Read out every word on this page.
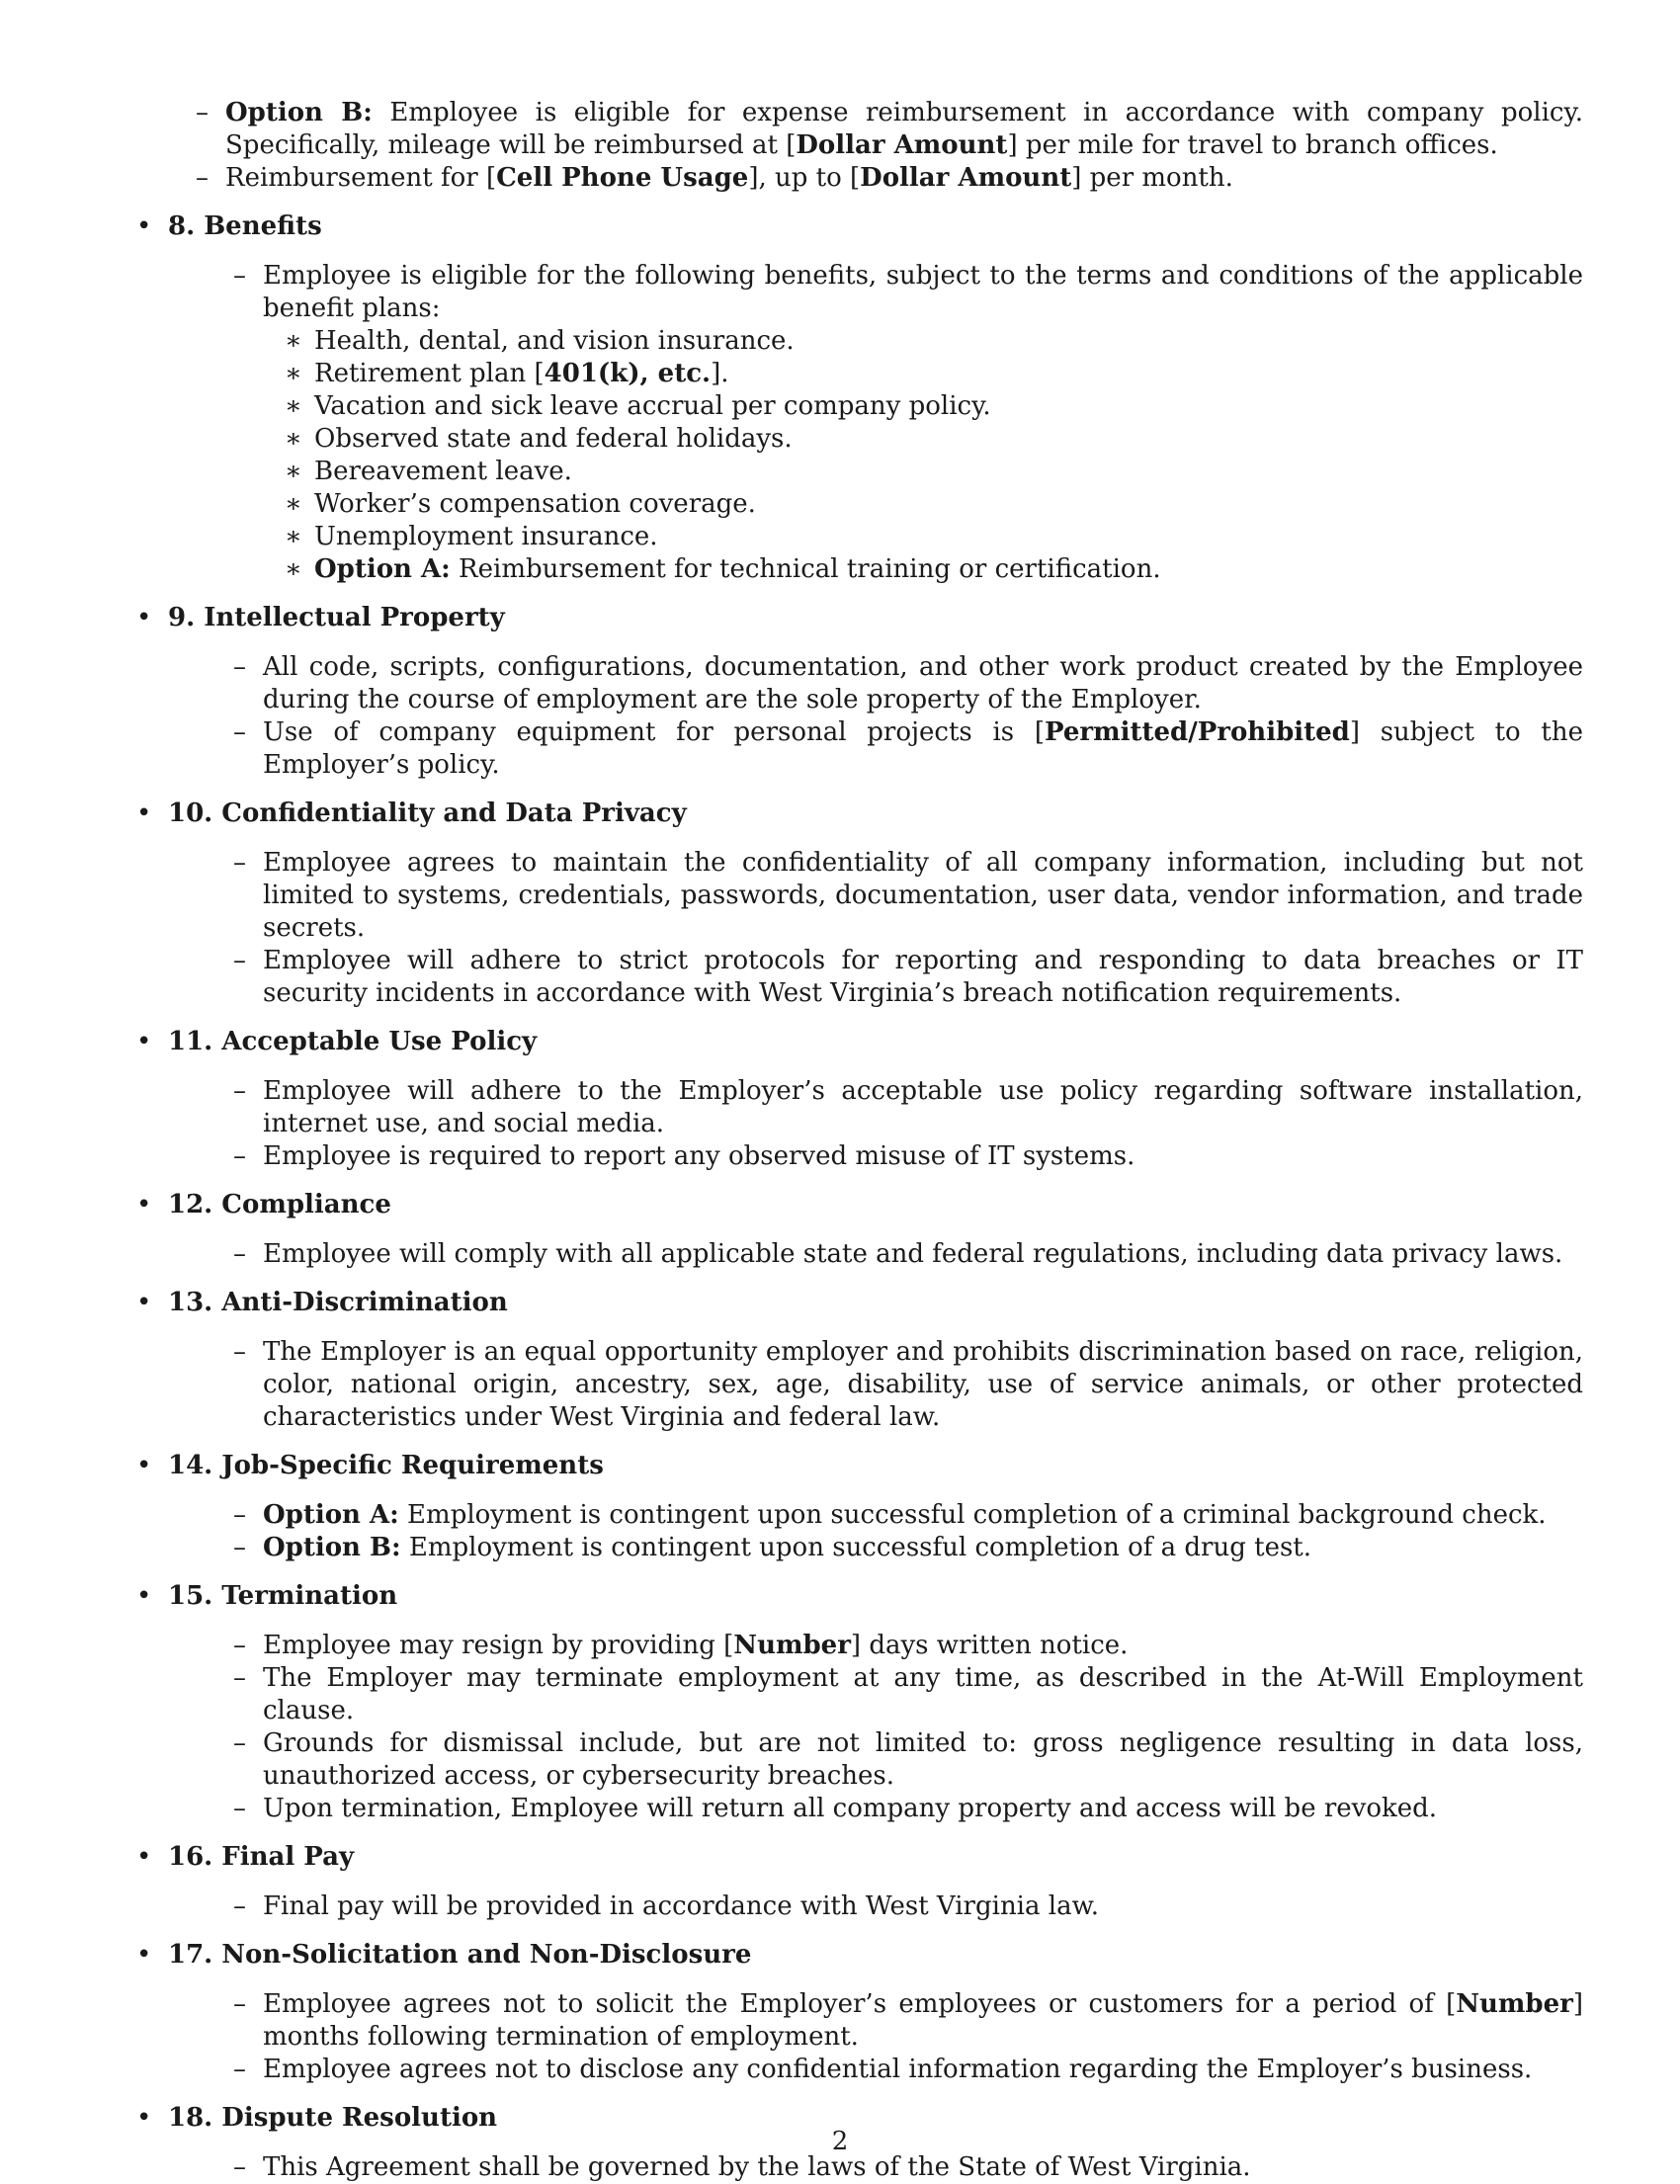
– Option B: Employee is eligible for expense reimbursement in accordance with company policy. Specifically, mileage will be reimbursed at [Dollar Amount] per mile for travel to branch offices.
– Reimbursement for [Cell Phone Usage], up to [Dollar Amount] per month.
• 8. Benefits
– Employee is eligible for the following benefits, subject to the terms and conditions of the applicable benefit plans:
∗ Health, dental, and vision insurance.
∗ Retirement plan [401(k), etc.].
∗ Vacation and sick leave accrual per company policy.
∗ Observed state and federal holidays.
∗ Bereavement leave.
∗ Worker’s compensation coverage.
∗ Unemployment insurance.
∗ Option A: Reimbursement for technical training or certification.
• 9. Intellectual Property
– All code, scripts, configurations, documentation, and other work product created by the Employee during the course of employment are the sole property of the Employer.
– Use of company equipment for personal projects is [Permitted/Prohibited] subject to the Employer’s policy.
• 10. Confidentiality and Data Privacy
– Employee agrees to maintain the confidentiality of all company information, including but not limited to systems, credentials, passwords, documentation, user data, vendor information, and trade secrets.
– Employee will adhere to strict protocols for reporting and responding to data breaches or IT security incidents in accordance with West Virginia’s breach notification requirements.
• 11. Acceptable Use Policy
– Employee will adhere to the Employer’s acceptable use policy regarding software installation, internet use, and social media.
– Employee is required to report any observed misuse of IT systems.
• 12. Compliance
– Employee will comply with all applicable state and federal regulations, including data privacy laws.
• 13. Anti-Discrimination
– The Employer is an equal opportunity employer and prohibits discrimination based on race, religion, color, national origin, ancestry, sex, age, disability, use of service animals, or other protected characteristics under West Virginia and federal law.
• 14. Job-Specific Requirements
– Option A: Employment is contingent upon successful completion of a criminal background check.
– Option B: Employment is contingent upon successful completion of a drug test.
• 15. Termination
– Employee may resign by providing [Number] days written notice.
– The Employer may terminate employment at any time, as described in the At-Will Employment clause.
– Grounds for dismissal include, but are not limited to: gross negligence resulting in data loss, unauthorized access, or cybersecurity breaches.
– Upon termination, Employee will return all company property and access will be revoked.
• 16. Final Pay
– Final pay will be provided in accordance with West Virginia law.
• 17. Non-Solicitation and Non-Disclosure
– Employee agrees not to solicit the Employer’s employees or customers for a period of [Number] months following termination of employment.
– Employee agrees not to disclose any confidential information regarding the Employer’s business.
• 18. Dispute Resolution
– This Agreement shall be governed by the laws of the State of West Virginia.
2
